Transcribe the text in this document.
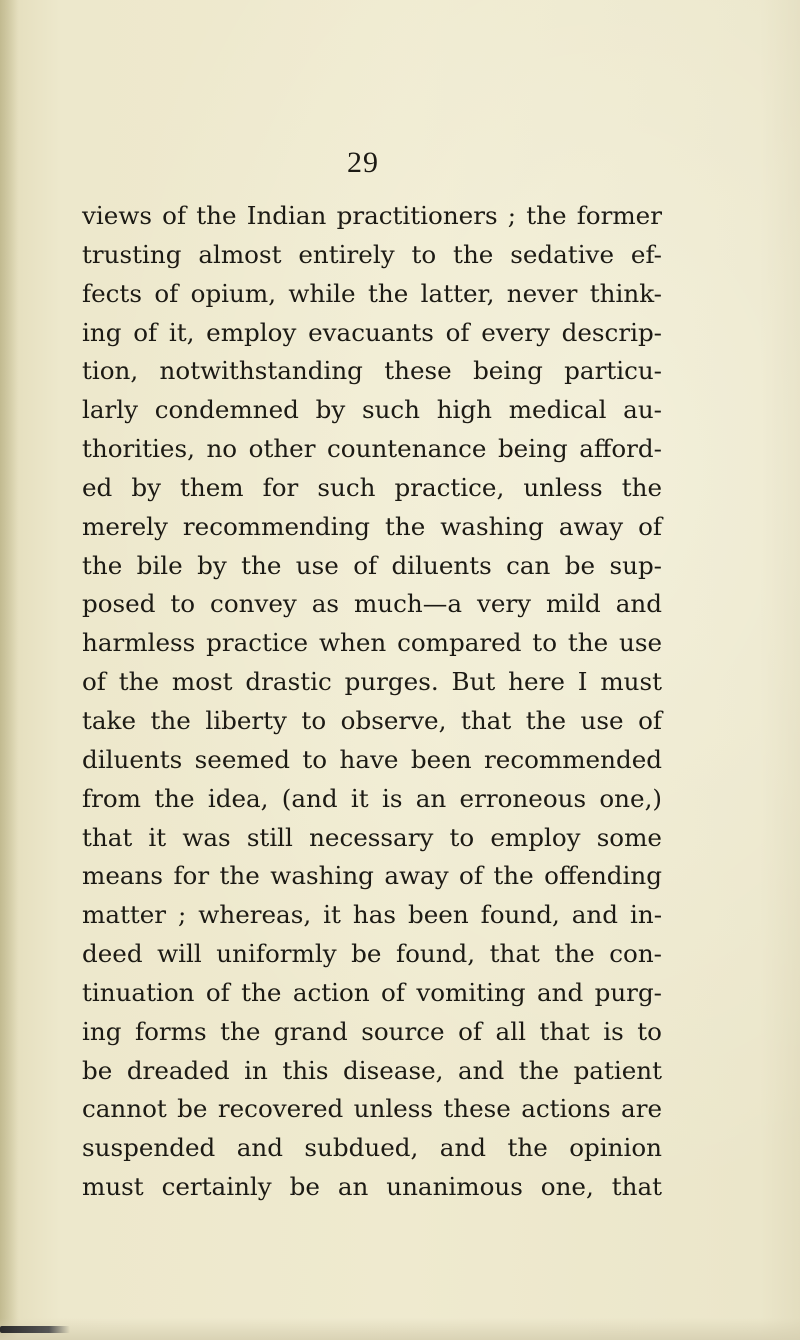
29
views of the Indian practitioners ; the former
trusting almost entirely to the sedative ef-
fects of opium, while the latter, never think-
ing of it, employ evacuants of every descrip-
tion, notwithstanding these being particu-
larly condemned by such high medical au-
thorities, no other countenance being afford-
ed by them for such practice, unless the
merely recommending the washing away of
the bile by the use of diluents can be sup-
posed to convey as much—a very mild and
harmless practice when compared to the use
of the most drastic purges. But here I must
take the liberty to observe, that the use of
diluents seemed to have been recommended
from the idea, (and it is an erroneous one,)
that it was still necessary to employ some
means for the washing away of the offending
matter ; whereas, it has been found, and in-
deed will uniformly be found, that the con-
tinuation of the action of vomiting and purg-
ing forms the grand source of all that is to
be dreaded in this disease, and the patient
cannot be recovered unless these actions are
suspended and subdued, and the opinion
must certainly be an unanimous one, that
